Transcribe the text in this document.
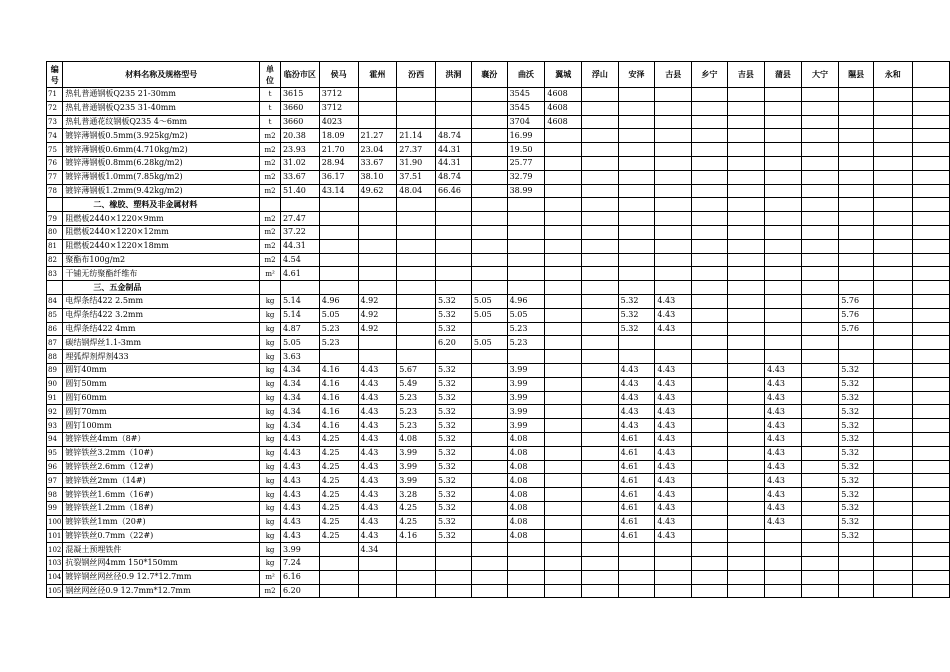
编号	材料名称及规格型号	单位	临汾市区	侯马	霍州	汾西	洪洞	襄汾	曲沃	翼城	浮山	安泽	古县	乡宁	吉县	蒲县	大宁	隰县	永和	
71	热轧普通钢板Q235 21-30mm	t	3615	3712					3545	4608										
72	热轧普通钢板Q235 31-40mm	t	3660	3712					3545	4608										
73	热轧普通花纹钢板Q235 4～6mm	t	3660	4023					3704	4608										
74	镀锌薄钢板0.5mm(3.925kg/m2)	m2	20.38	18.09	21.27	21.14	48.74		16.99											
75	镀锌薄钢板0.6mm(4.710kg/m2)	m2	23.93	21.70	23.04	27.37	44.31		19.50											
76	镀锌薄钢板0.8mm(6.28kg/m2)	m2	31.02	28.94	33.67	31.90	44.31		25.77											
77	镀锌薄钢板1.0mm(7.85kg/m2)	m2	33.67	36.17	38.10	37.51	48.74		32.79											
78	镀锌薄钢板1.2mm(9.42kg/m2)	m2	51.40	43.14	49.62	48.04	66.46		38.99											
	二、橡胶、塑料及非金属材料																			
79	阻燃板2440×1220×9mm	m2	27.47																	
80	阻燃板2440×1220×12mm	m2	37.22																	
81	阻燃板2440×1220×18mm	m2	44.31																	
82	聚酯布100g/m2	m2	4.54																	
83	干铺无纺聚酯纤维布	m²	4.61																	
	三、五金制品																			
84	电焊条结422 2.5mm	kg	5.14	4.96	4.92		5.32	5.05	4.96			5.32	4.43					5.76		
85	电焊条结422 3.2mm	kg	5.14	5.05	4.92		5.32	5.05	5.05			5.32	4.43					5.76		
86	电焊条结422 4mm	kg	4.87	5.23	4.92		5.32		5.23			5.32	4.43					5.76		
87	碳结钢焊丝1.1-3mm	kg	5.05	5.23			6.20	5.05	5.23											
88	埋弧焊剂焊剂433	kg	3.63																	
89	圆钉40mm	kg	4.34	4.16	4.43	5.67	5.32		3.99			4.43	4.43			4.43		5.32		
90	圆钉50mm	kg	4.34	4.16	4.43	5.49	5.32		3.99			4.43	4.43			4.43		5.32		
91	圆钉60mm	kg	4.34	4.16	4.43	5.23	5.32		3.99			4.43	4.43			4.43		5.32		
92	圆钉70mm	kg	4.34	4.16	4.43	5.23	5.32		3.99			4.43	4.43			4.43		5.32		
93	圆钉100mm	kg	4.34	4.16	4.43	5.23	5.32		3.99			4.43	4.43			4.43		5.32		
94	镀锌铁丝4mm（8#）	kg	4.43	4.25	4.43	4.08	5.32		4.08			4.61	4.43			4.43		5.32		
95	镀锌铁丝3.2mm（10#)	kg	4.43	4.25	4.43	3.99	5.32		4.08			4.61	4.43			4.43		5.32		
96	镀锌铁丝2.6mm（12#)	kg	4.43	4.25	4.43	3.99	5.32		4.08			4.61	4.43			4.43		5.32		
97	镀锌铁丝2mm（14#)	kg	4.43	4.25	4.43	3.99	5.32		4.08			4.61	4.43			4.43		5.32		
98	镀锌铁丝1.6mm（16#)	kg	4.43	4.25	4.43	3.28	5.32		4.08			4.61	4.43			4.43		5.32		
99	镀锌铁丝1.2mm（18#)	kg	4.43	4.25	4.43	4.25	5.32		4.08			4.61	4.43			4.43		5.32		
100	镀锌铁丝1mm（20#)	kg	4.43	4.25	4.43	4.25	5.32		4.08			4.61	4.43			4.43		5.32		
101	镀锌铁丝0.7mm（22#)	kg	4.43	4.25	4.43	4.16	5.32		4.08			4.61	4.43					5.32		
102	混凝土预埋铁件	kg	3.99		4.34															
103	抗裂钢丝网4mm 150*150mm	kg	7.24																	
104	镀锌钢丝网丝径0.9 12.7*12.7mm	m²	6.16																	
105	钢丝网丝径0.9 12.7mm*12.7mm	m2	6.20																	
